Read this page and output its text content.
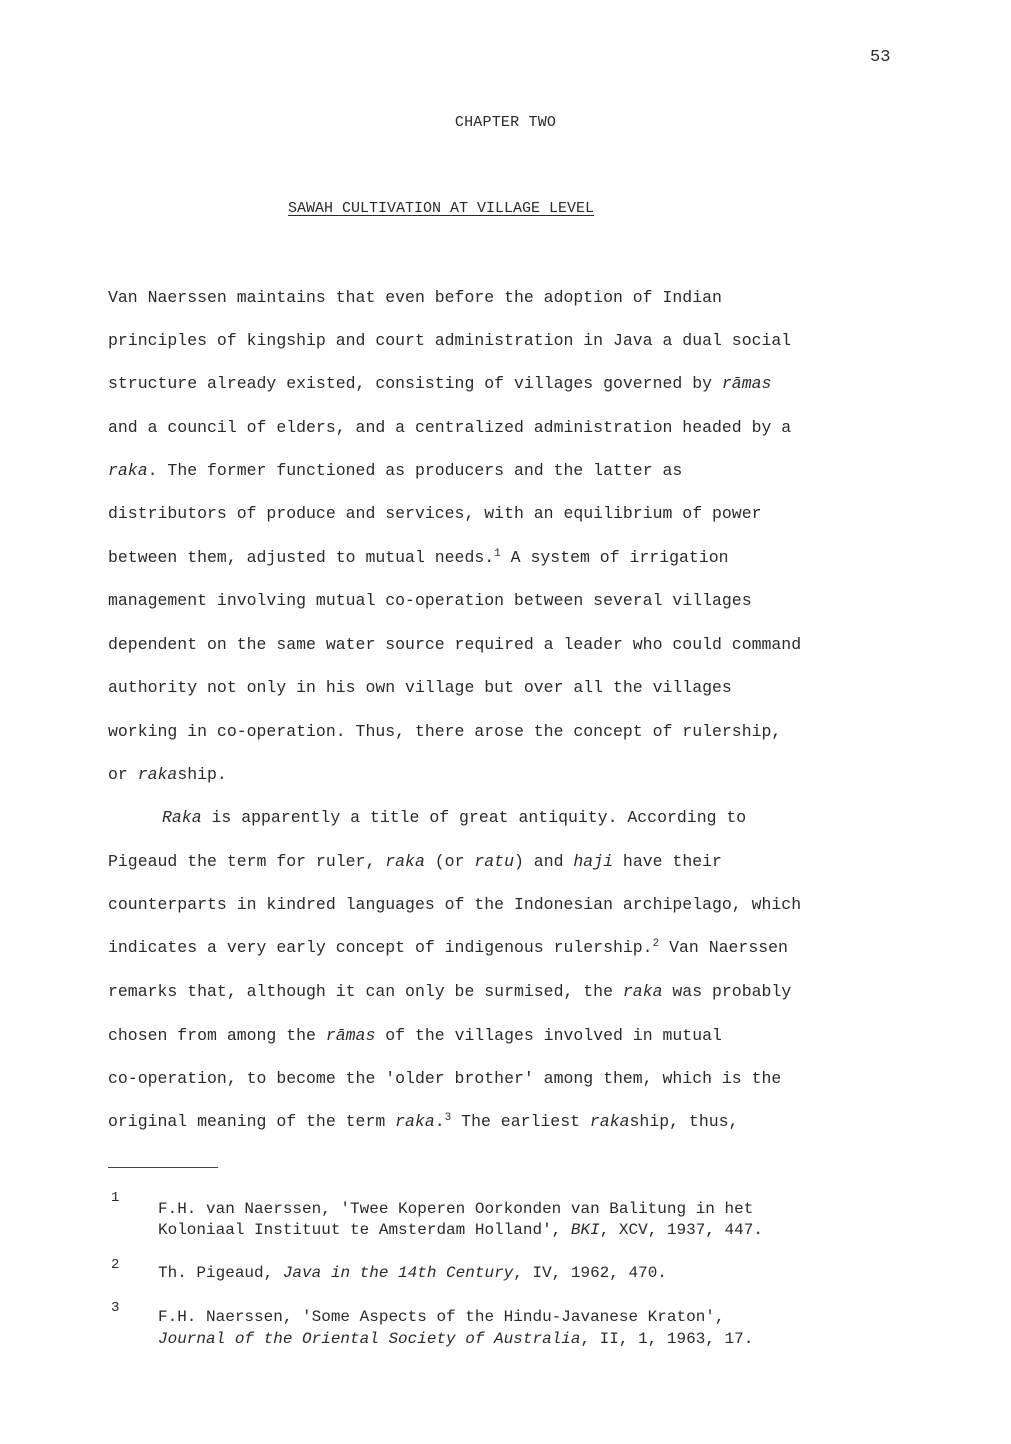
53
CHAPTER TWO
SAWAH CULTIVATION AT VILLAGE LEVEL
Van Naerssen maintains that even before the adoption of Indian
principles of kingship and court administration in Java a dual social
structure already existed, consisting of villages governed by rāmas
and a council of elders, and a centralized administration headed by a
raka. The former functioned as producers and the latter as
distributors of produce and services, with an equilibrium of power
between them, adjusted to mutual needs.$^1$ A system of irrigation
management involving mutual co-operation between several villages
dependent on the same water source required a leader who could command
authority not only in his own village but over all the villages
working in co-operation. Thus, there arose the concept of rulership,
or rakaship.
Raka is apparently a title of great antiquity. According to
Pigeaud the term for ruler, raka (or ratu) and haji have their
counterparts in kindred languages of the Indonesian archipelago, which
indicates a very early concept of indigenous rulership.$^2$ Van Naerssen
remarks that, although it can only be surmised, the raka was probably
chosen from among the rāmas of the villages involved in mutual
co-operation, to become the 'older brother' among them, which is the
original meaning of the term raka.$^3$ The earliest rakaship, thus,
1
F.H. van Naerssen, 'Twee Koperen Oorkonden van Balitung in het
Koloniaal Instituut te Amsterdam Holland', BKI, XCV, 1937, 447.
2 Th. Pigeaud, Java in the 14th Century, IV, 1962, 470.
3 F.H. Naerssen, 'Some Aspects of the Hindu-Javanese Kraton',
Journal of the Oriental Society of Australia, II, 1, 1963, 17.
